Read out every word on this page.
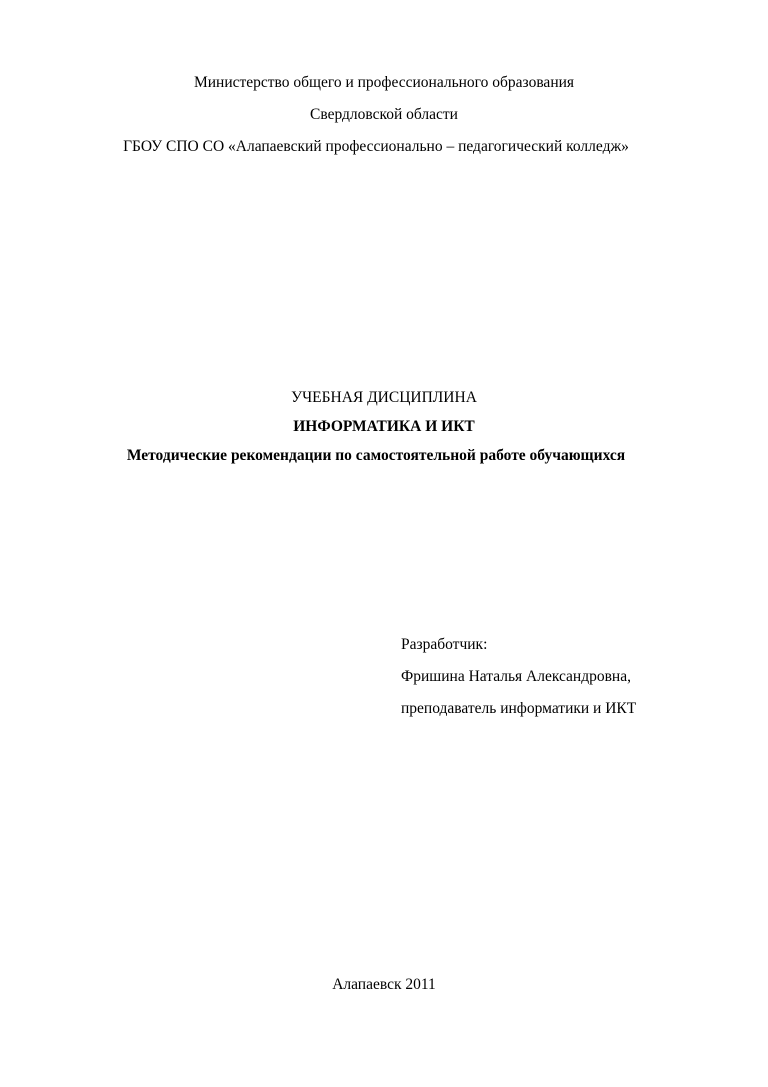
Министерство общего и профессионального образования
Свердловской области
ГБОУ СПО СО «Алапаевский профессионально – педагогический колледж»
УЧЕБНАЯ ДИСЦИПЛИНА
ИНФОРМАТИКА И ИКТ
Методические рекомендации по самостоятельной работе обучающихся
Разработчик:
Фришина Наталья Александровна,
преподаватель информатики и ИКТ
Алапаевск 2011
